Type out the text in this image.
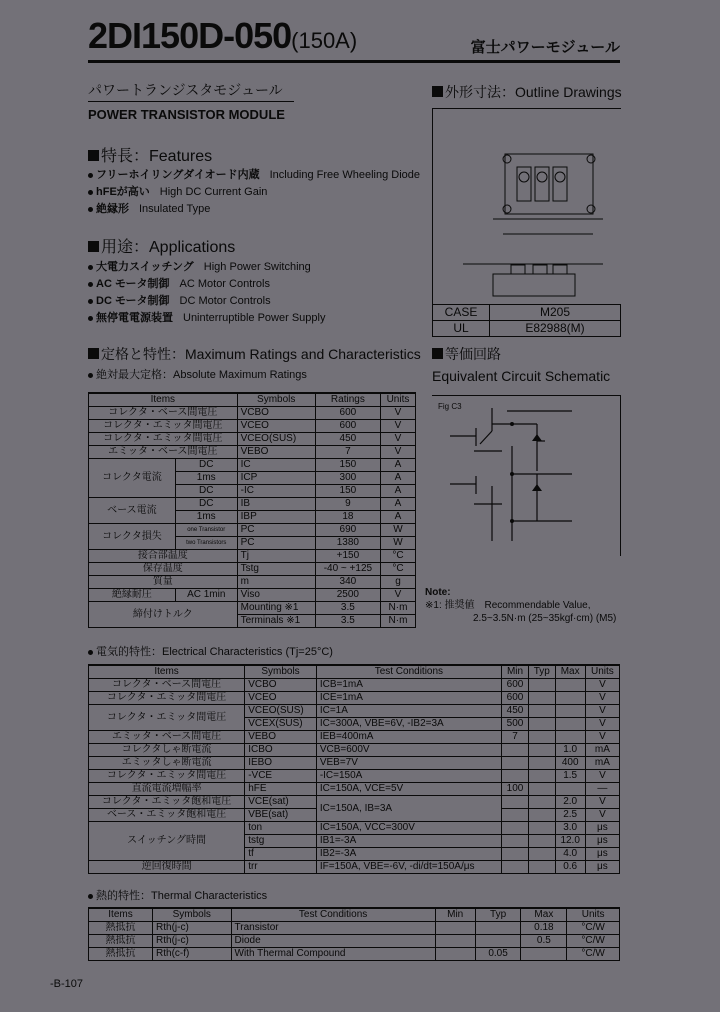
2DI150D-050(150A)	富士パワーモジュール
パワートランジスタモジュール
POWER TRANSISTOR MODULE
特長：Features
フリーホイリングダイオード内蔵 Including Free Wheeling Diode
hFEが高い High DC Current Gain
絶縁形 Insulated Type
用途：Applications
大電力スイッチング High Power Switching
AC モータ制御 AC Motor Controls
DC モータ制御 DC Motor Controls
無停電電源装置 Uninterruptible Power Supply
外形寸法：Outline Drawings
CASE	M205
UL	E82988(M)
等価回路
Equivalent Circuit Schematic
Fig C3
定格と特性：Maximum Ratings and Characteristics
絶対最大定格：Absolute Maximum Ratings
Items		Symbols	Ratings	Units
コレクタ・ベース間電圧		VCBO	600	V
コレクタ・エミッタ間電圧		VCEO	600	V
コレクタ・エミッタ間電圧		VCEO(SUS)	450	V
エミッタ・ベース間電圧		VEBO	7	V
コレクタ電流	DC	IC	150	A
	1ms	ICP	300	A
	DC	-IC	150	A
ベース電流	DC	IB	9	A
	1ms	IBP	18	A
コレクタ損失	one Transistor	PC	690	W
	two Transistors	PC	1380	W
接合部温度		Tj	+150	°C
保存温度		Tstg	-40 ~ +125	°C
質量		m	340	g
絶縁耐圧	AC 1min	Viso	2500	V
締付けトルク		Mounting ※1	3.5	N·m
		Terminals ※1	3.5	N·m
Note:
※1: 推奨値　Recommendable Value,
2.5~3.5N·m (25~35kgf·cm) (M5)
電気的特性：Electrical Characteristics (Tj=25°C)
Items	Symbols	Test Conditions	Min	Typ	Max	Units
コレクタ・ベース間電圧	VCBO	ICB=1mA	600			V
コレクタ・エミッタ間電圧	VCEO	ICE=1mA	600			V
コレクタ・エミッタ間電圧	VCEO(SUS)	IC=1A	450			V
	VCEX(SUS)	IC=300A, VBE=6V, -IB2=3A	500			V
エミッタ・ベース間電圧	VEBO	IEB=400mA	7			V
コレクタしゃ断電流	ICBO	VCB=600V			1.0	mA
エミッタしゃ断電流	IEBO	VEB=7V			400	mA
コレクタ・エミッタ間電圧	-VCE	-IC=150A			1.5	V
直流電流増幅率	hFE	IC=150A, VCE=5V	100			—
コレクタ・エミッタ飽和電圧	VCE(sat)	IC=150A, IB=3A			2.0	V
ベース・エミッタ飽和電圧	VBE(sat)				2.5	V
スイッチング時間	ton	IC=150A, VCC=300V			3.0	μs
	tstg	IB1=-3A			12.0	μs
	tf	IB2=-3A			4.0	μs
逆回復時間	trr	IF=150A, VBE=-6V, -di/dt=150A/μs			0.6	μs
熱的特性：Thermal Characteristics
Items	Symbols	Test Conditions	Min	Typ	Max	Units
熱抵抗	Rth(j-c)	Transistor			0.18	°C/W
熱抵抗	Rth(j-c)	Diode			0.5	°C/W
熱抵抗	Rth(c-f)	With Thermal Compound		0.05		°C/W
-B-107
